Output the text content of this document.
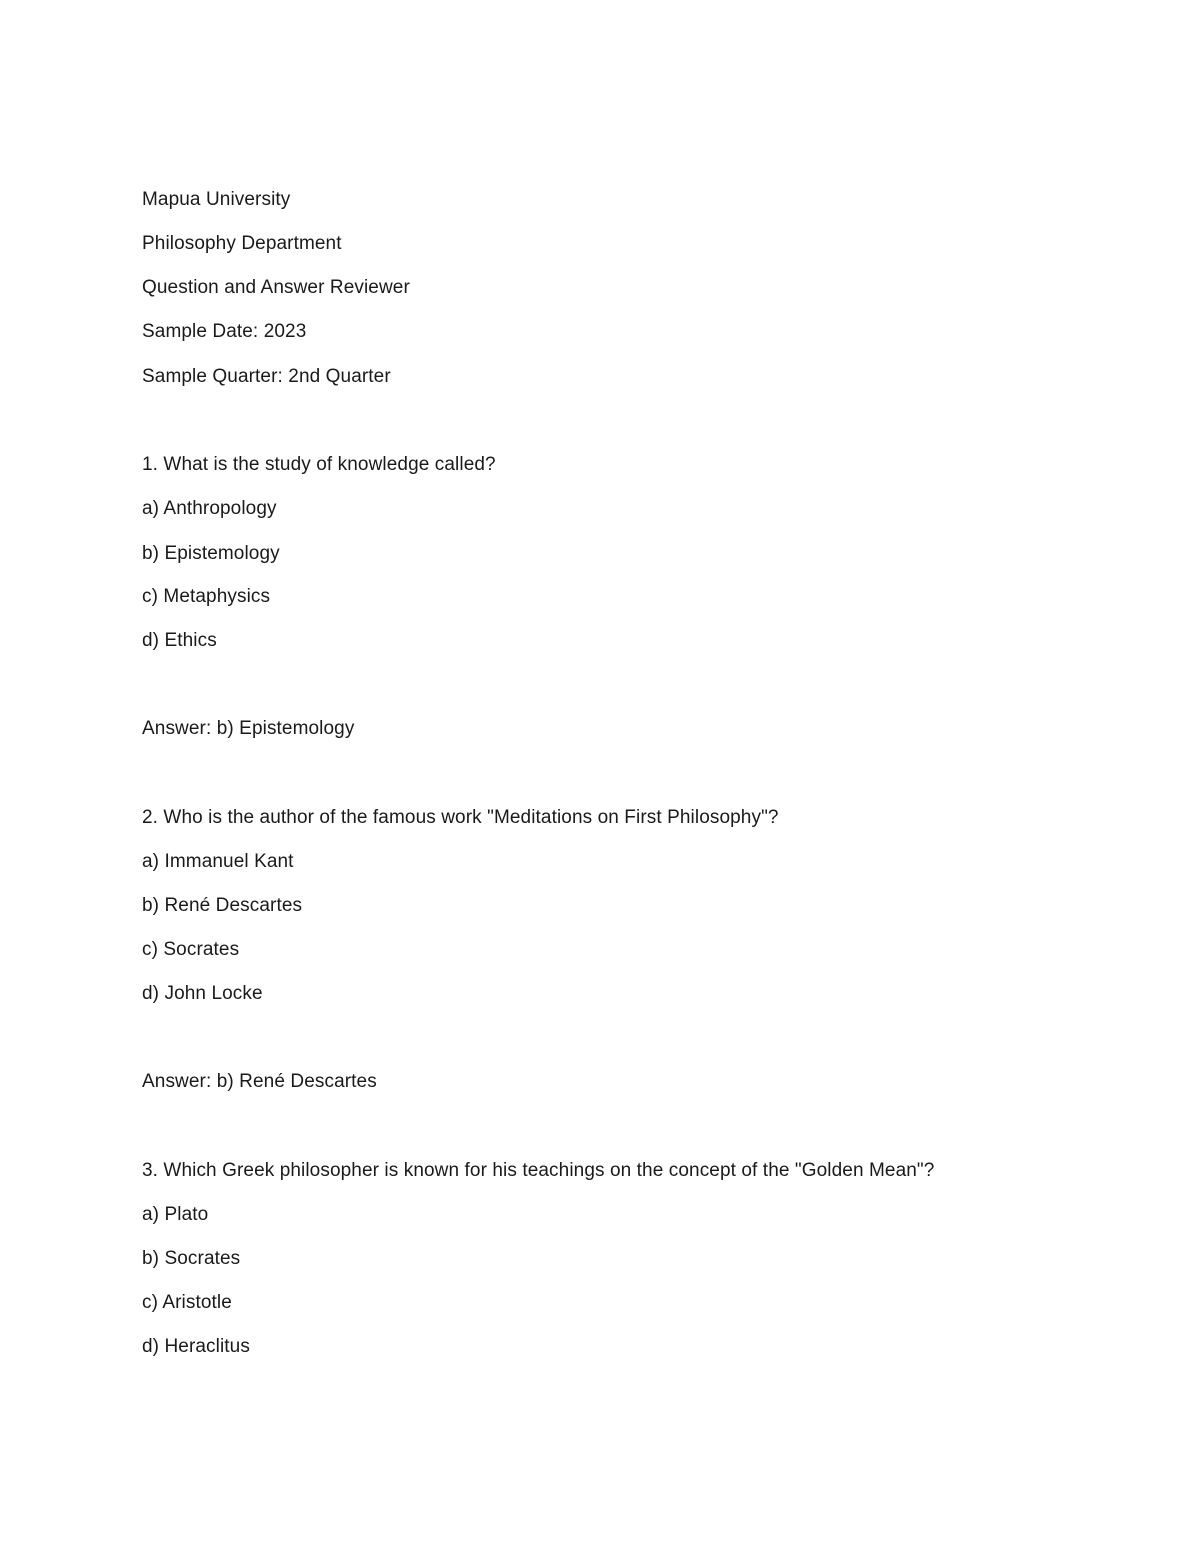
Mapua University
Philosophy Department
Question and Answer Reviewer
Sample Date: 2023
Sample Quarter: 2nd Quarter
1. What is the study of knowledge called?
a) Anthropology
b) Epistemology
c) Metaphysics
d) Ethics
Answer: b) Epistemology
2. Who is the author of the famous work "Meditations on First Philosophy"?
a) Immanuel Kant
b) René Descartes
c) Socrates
d) John Locke
Answer: b) René Descartes
3. Which Greek philosopher is known for his teachings on the concept of the "Golden Mean"?
a) Plato
b) Socrates
c) Aristotle
d) Heraclitus
